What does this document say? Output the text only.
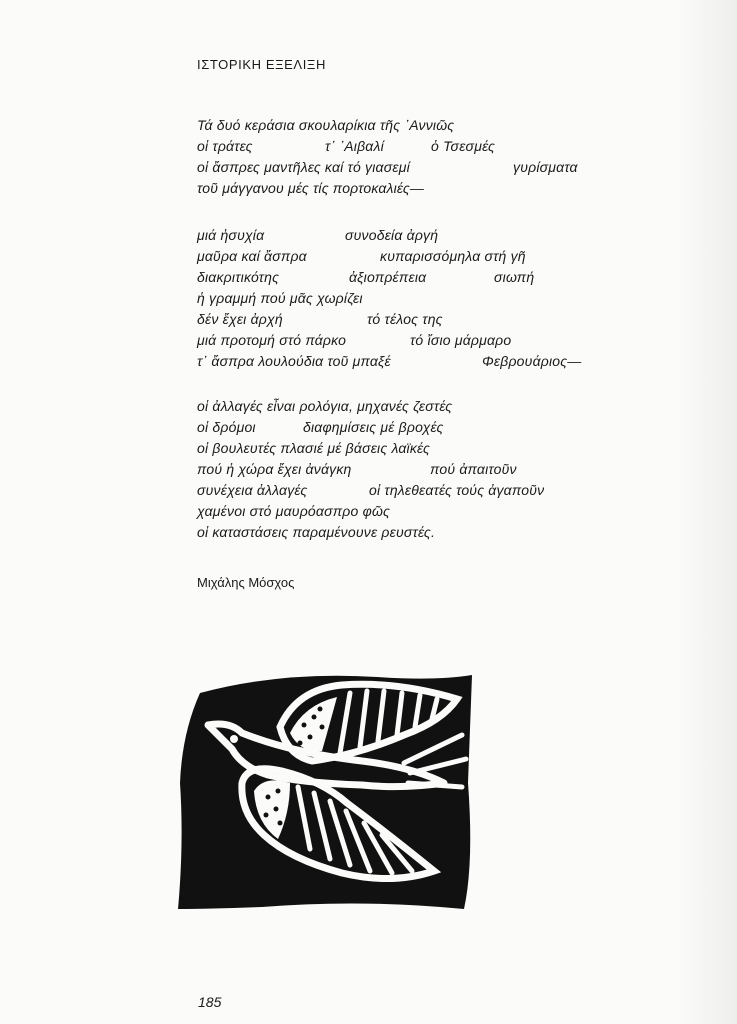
ΙΣΤΟΡΙΚΗ ΕΞΕΛΙΞΗ

Τά δυό κεράσια σκουλαρίκια τῆς ᾿Αννιῶς

οἱ τράτες

	τ᾿ ᾿Αιβαλί

	ὁ Τσεσμές

οἱ ἄσπρες μαντῆλες καί τό γιασεμί

	γυρίσματα

τοῦ μάγγανου μές τίς πορτοκαλιές—

μιά ἡσυχία

	συνοδεία ἀργή

μαῦρα καί ἄσπρα

	κυπαρισσόμηλα στή γῆ

διακριτικότης

	ἀξιοπρέπεια

	σιωπή

ἡ γραμμή πού μᾶς χωρίζει

δέν ἔχει ἀρχή

	τό τέλος της

μιά προτομή στό πάρκο

	τό ἴσιο μάρμαρο

τ᾿ ἄσπρα λουλούδια τοῦ μπαξέ

	Φεβρουάριος—

οἱ ἀλλαγές εἶναι ρολόγια, μηχανές ζεστές

οἱ δρόμοι

	διαφημίσεις μέ βροχές

οἱ βουλευτές πλασιέ μέ βάσεις λαϊκές

πού ἡ χώρα ἔχει ἀνάγκη

	πού ἀπαιτοῦν

συνέχεια ἀλλαγές

	οἱ τηλεθεατές τούς ἀγαποῦν

χαμένοι στό μαυρόασπρο φῶς

οἱ καταστάσεις παραμένουνε ρευστές.

Μιχάλης Μόσχος
185
